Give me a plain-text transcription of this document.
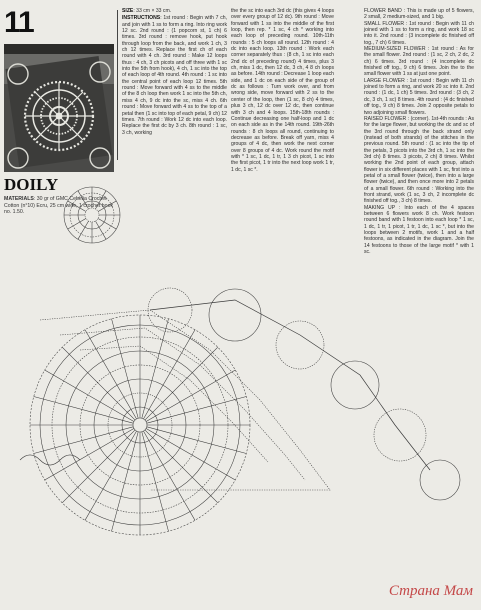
11
DOILY
MATERIALS: 30 gr of GMC Cebelia Crochet Cotton (n°10) Ecru, 25 cm wide, 1 crochet hook no. 1.50.

SIZE: 33 cm × 33 cm.

INSTRUCTIONS: 1st round : Begin with 7 ch, and join with 1 ss to form a ring. Into ring work 12 sc. 2nd round : (1 popcorn st, 1 ch) 6 times. 3rd round : remove hook, put hook through loop from the back, and work 1 ch, 3 ch 12 times. Replace the first ch of each round with 4 ch. 3rd round : Make 12 loops thus : 4 ch, 3 ch picots and off three with 1 sc into the 5th from hook), 4 ch, 1 sc into the top of each loop of 4th round. 4th round : 1 sc into the central point of each loop 12 times. 5th round : Move forward with 4 ss to the middle of the 8 ch loop then work 1 sc into the 5th ch, miss 4 ch, 9 dc into the sc, miss 4 ch. 6th round : Move forward with 4 ss to the top of a petal then (1 sc into top of each petal, 9 ch) 12 times. 7th round : Work 12 dc into each loop. Replace the first dc by 3 ch. 8th round : 1 sc, 3 ch, working

the the sc into each 3rd dc (this gives 4 loops over every group of 12 dc). 9th round : Move forward with 1 ss into the middle of the first loop, then rep. * 1 sc, 4 ch * working into each loop of preceding round. 10th-11th rounds : 5 ch loops all round. 12th round : 4 dc into each loop. 13th round : Work each corner separately thus : (8 ch, 1 sc into each 2nd dc of preceding round) 4 times, plus 3 ch, miss 1 dc, then 12 dc, 3 ch, 4 8 ch loops as before. 14th round : Decrease 1 loop each side, and 1 dc on each side of the group of dc as follows : Turn work over, and from wrong side, move forward with 2 ss to the center of the loop, then (1 sc, 8 ch) 4 times, plus 3 ch, 12 dc over 12 dc, then continue with 3 ch and 4 loops. 15th-18th rounds : Continue decreasing one half-loop and 1 dc on each side as in the 14th round. 19th-26th rounds : 8 ch loops all round, continuing to decrease as before. Break off yarn, miss 4 groups of 4 dc, then work the next corner over 8 groups of 4 dc. Work round the motif with * 1 sc, 1 dc, 1 tr, 1 3 ch picot, 1 sc into the first picot, 1 tr into the next loop work 1 tr, 1 dc, 1 sc *.

FLOWER BAND : This is made up of 5 flowers, 2 small, 2 medium-sized, and 1 big.
SMALL FLOWER : 1st round : Begin with 11 ch joined with 1 ss to form a ring, and work 18 sc into it. 2nd round : (3 incomplete dc finished off tog., 7 ch) 6 times.
MEDIUM-SIZED FLOWER : 1st round : As for the small flower. 2nd round : (1 sc, 2 ch, 2 dc, 2 ch) 6 times. 3rd round : (4 incomplete dc finished off tog., 9 ch) 6 times. Join the to the small flower with 1 ss at just one point.
LARGE FLOWER : 1st round : Begin with 11 ch joined to form a ring, and work 20 sc into it. 2nd round : (1 dc, 1 ch) 5 times. 3rd round : (3 ch, 2 dc, 3 ch, 1 sc) 8 times. 4th round : (4 dc finished off tog., 9 ch) 8 times. Join 2 opposite petals to two adjoining small flowers.
RAISED FLOWER : (corner). 1st-4th rounds : As for the large flower, but working the dc and sc of the 3rd round through the back strand only (instead of both strands) of the stitches in the previous round. 5th round : (1 sc into the tip of the petals, 3 picots into the 3rd ch, 1 sc into the 3rd ch) 8 times. 3 picots, 2 ch) 8 times. Whilst working the 2nd point of each group, attach flower in six different places with 1 sc, first into a petal of a small flower (twice), then into a large flower (twice), and then once more into 2 petals of a small flower. 6th round : Working into the front strand, work (1 sc, 3 ch, 2 incomplete dc finished off tog., 3 ch) 8 times.
MAKING UP : Into each of the 4 spaces between 6 flowers work 8 ch. Work festoon round band with 1 festoon into each loop * 1 sc, 1 dc, 1 tr, 1 picot, 1 tr, 1 dc, 1 sc *, but into the loops between 2 motifs, work 1 and a half festoons, as indicated in the diagram. Join the 14 festoons to those of the large motif * with 1 sc.

Страна Мам
